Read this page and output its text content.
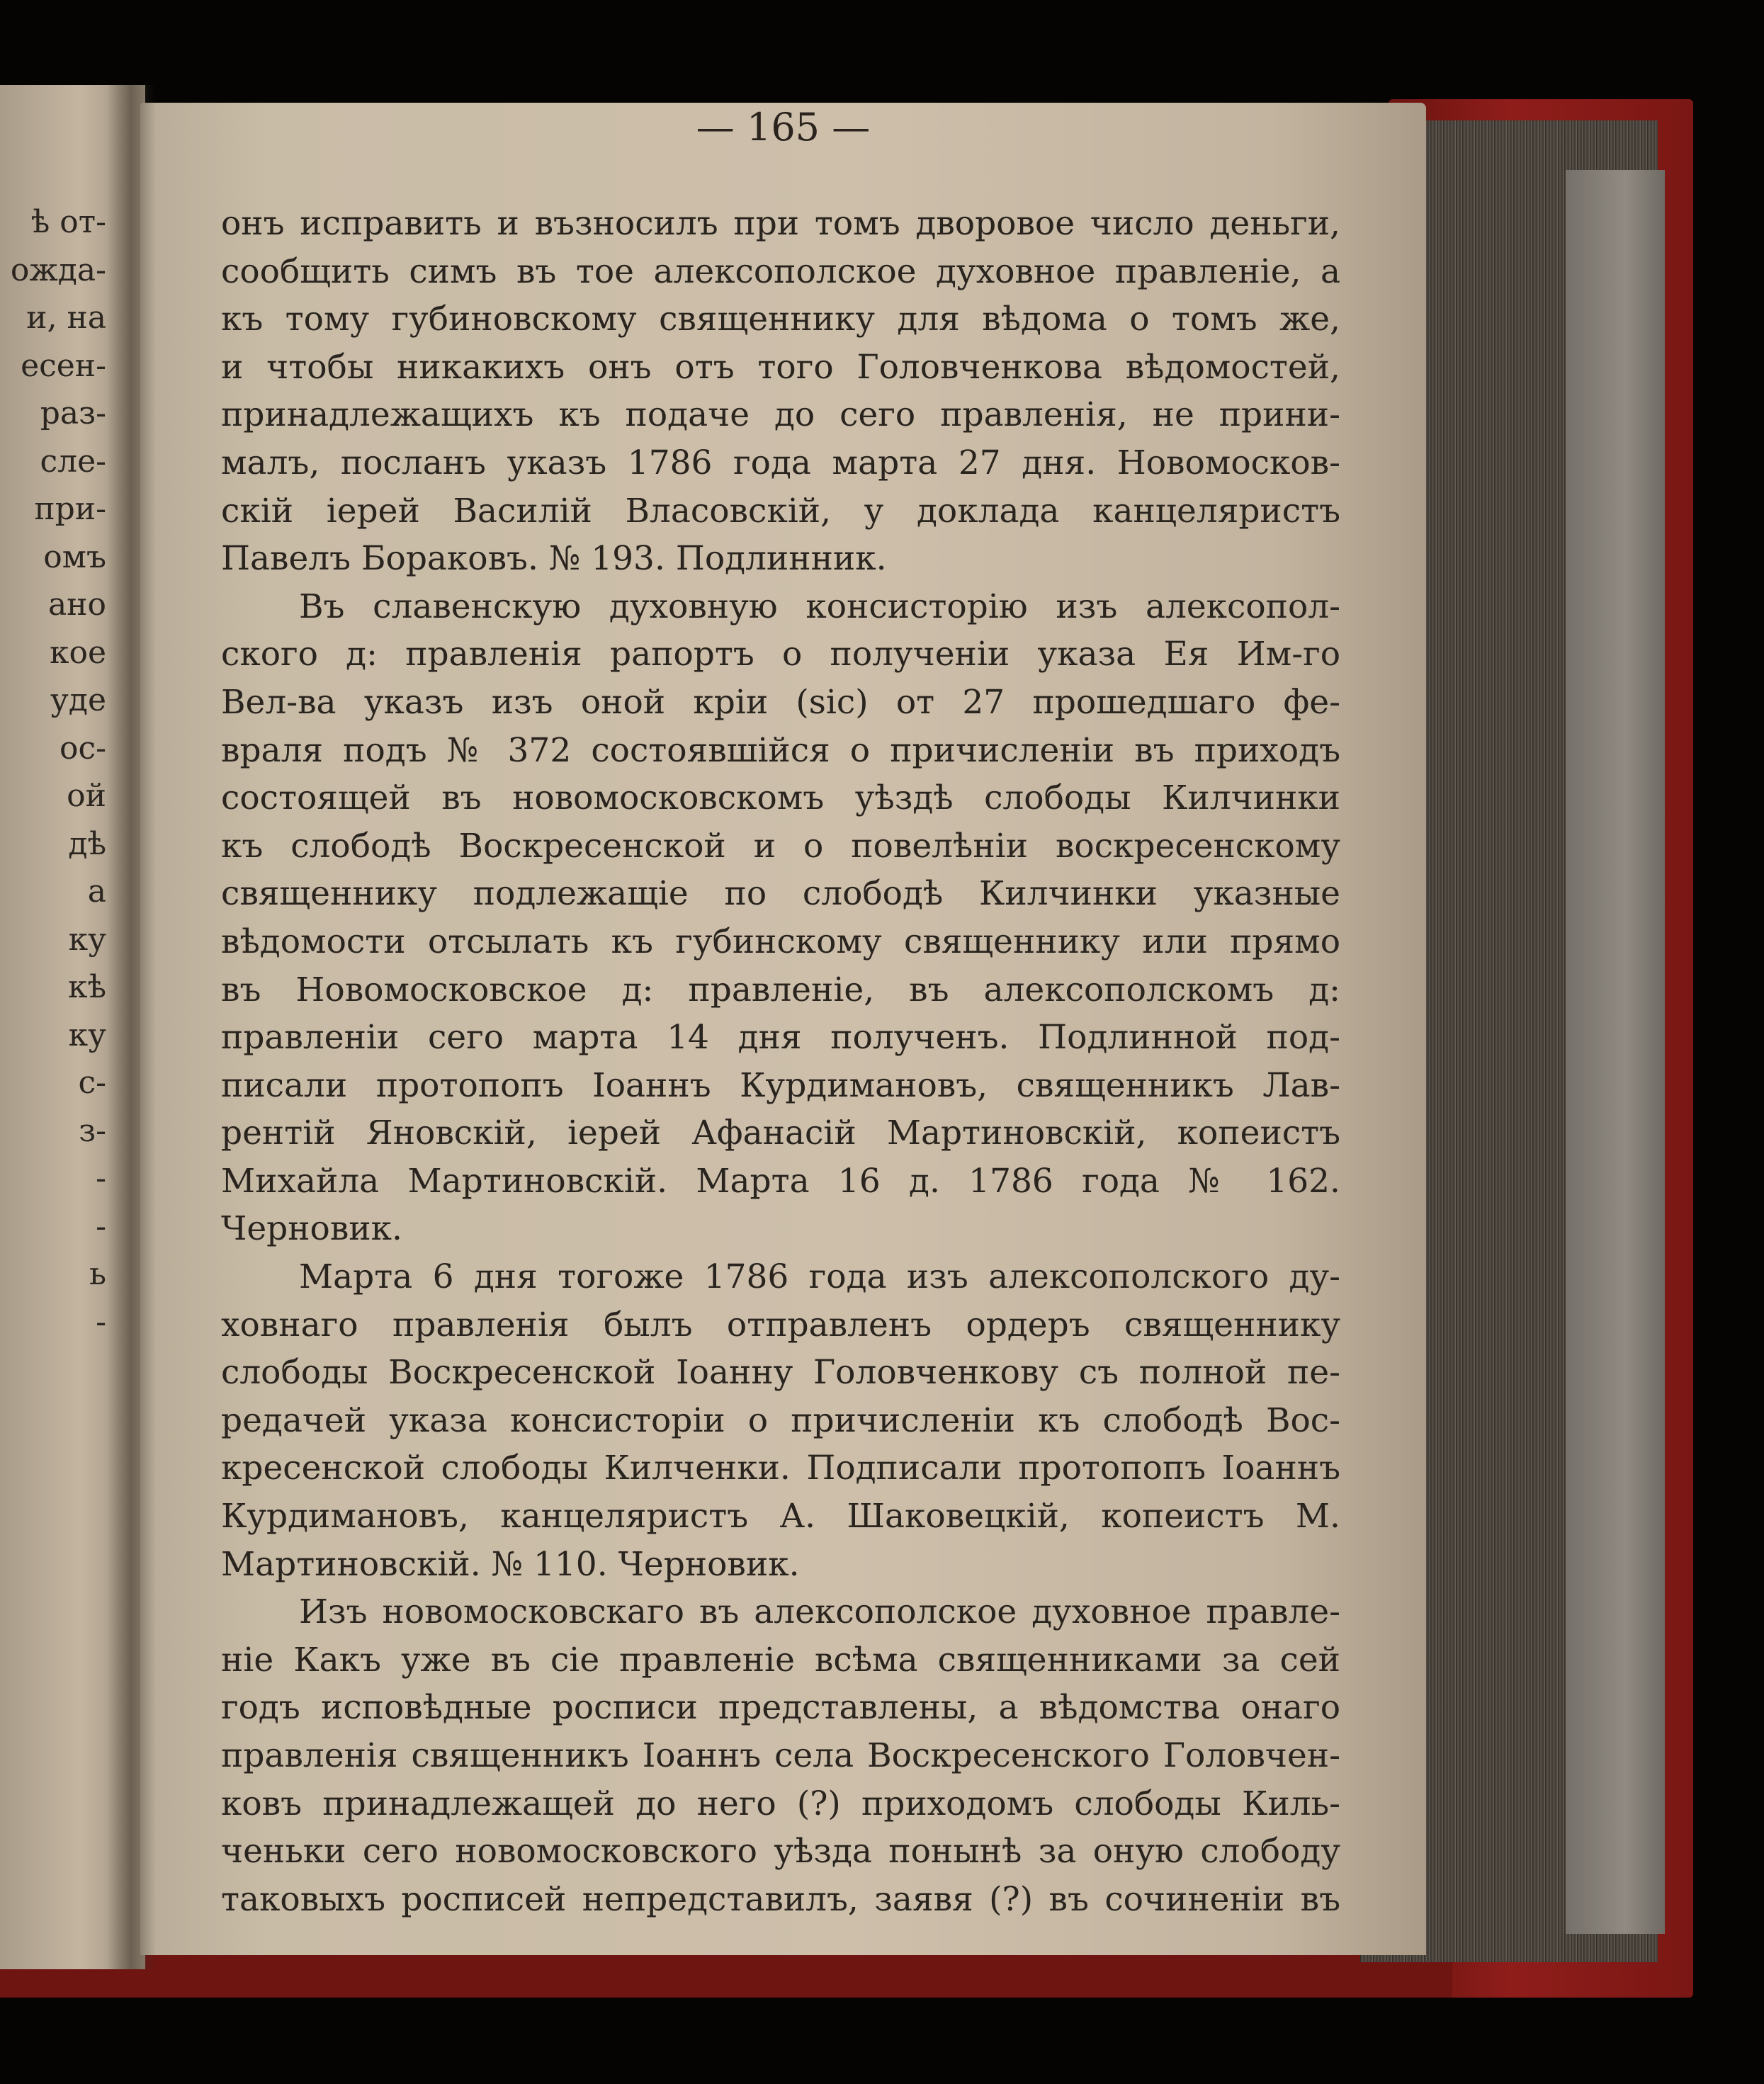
ѣ от-
ожда-
и, на
есен-
раз-
сле-
при-
омъ
ано
кое
уде
ос-
ой
дѣ
а
ку
кѣ
ку
с-
з-
-
-
ь
-
— 165 —
онъ исправить и възносилъ при томъ дворовое число деньги,
сообщить симъ въ тое алексополское духовное правленіе, а
къ тому губиновскому священнику для вѣдома о томъ же,
и чтобы никакихъ онъ отъ того Головченкова вѣдомостей,
принадлежащихъ къ подаче до сего правленія, не прини-
малъ, посланъ указъ 1786 года марта 27 дня. Новомосков-
скій іерей Василій Власовскій, у доклада канцеляристъ
Павелъ Бораковъ. № 193. Подлинник.
Въ славенскую духовную консисторію изъ алексопол-
ского д: правленія рапортъ о полученіи указа Ея Им-го
Вел-ва указъ изъ оной кріи (sic) от 27 прошедшаго фе-
враля подъ № 372 состоявшійся о причисленіи въ приходъ
состоящей въ новомосковскомъ уѣздѣ слободы Килчинки
къ слободѣ Воскресенской и о повелѣніи воскресенскому
священнику подлежащіе по слободѣ Килчинки указные
вѣдомости отсылать къ губинскому священнику или прямо
въ Новомосковское д: правленіе, въ алексополскомъ д:
правленіи сего марта 14 дня полученъ. Подлинной под-
писали протопопъ Іоаннъ Курдимановъ, священникъ Лав-
рентій Яновскій, іерей Афанасій Мартиновскій, копеистъ
Михайла Мартиновскій. Марта 16 д. 1786 года № 162.
Черновик.
Марта 6 дня тогоже 1786 года изъ алексополского ду-
ховнаго правленія былъ отправленъ ордеръ священнику
слободы Воскресенской Іоанну Головченкову съ полной пе-
редачей указа консисторіи о причисленіи къ слободѣ Вос-
кресенской слободы Килченки. Подписали протопопъ Іоаннъ
Курдимановъ, канцеляристъ А. Шаковецкій, копеистъ М.
Мартиновскій. № 110. Черновик.
Изъ новомосковскаго въ алексополское духовное правле-
ніе Какъ уже въ сіе правленіе всѣма священниками за сей
годъ исповѣдные росписи представлены, а вѣдомства онаго
правленія священникъ Іоаннъ села Воскресенского Головчен-
ковъ принадлежащей до него (?) приходомъ слободы Киль-
ченьки сего новомосковского уѣзда понынѣ за оную слободу
таковыхъ росписей непредставилъ, заявя (?) въ сочиненіи въ
